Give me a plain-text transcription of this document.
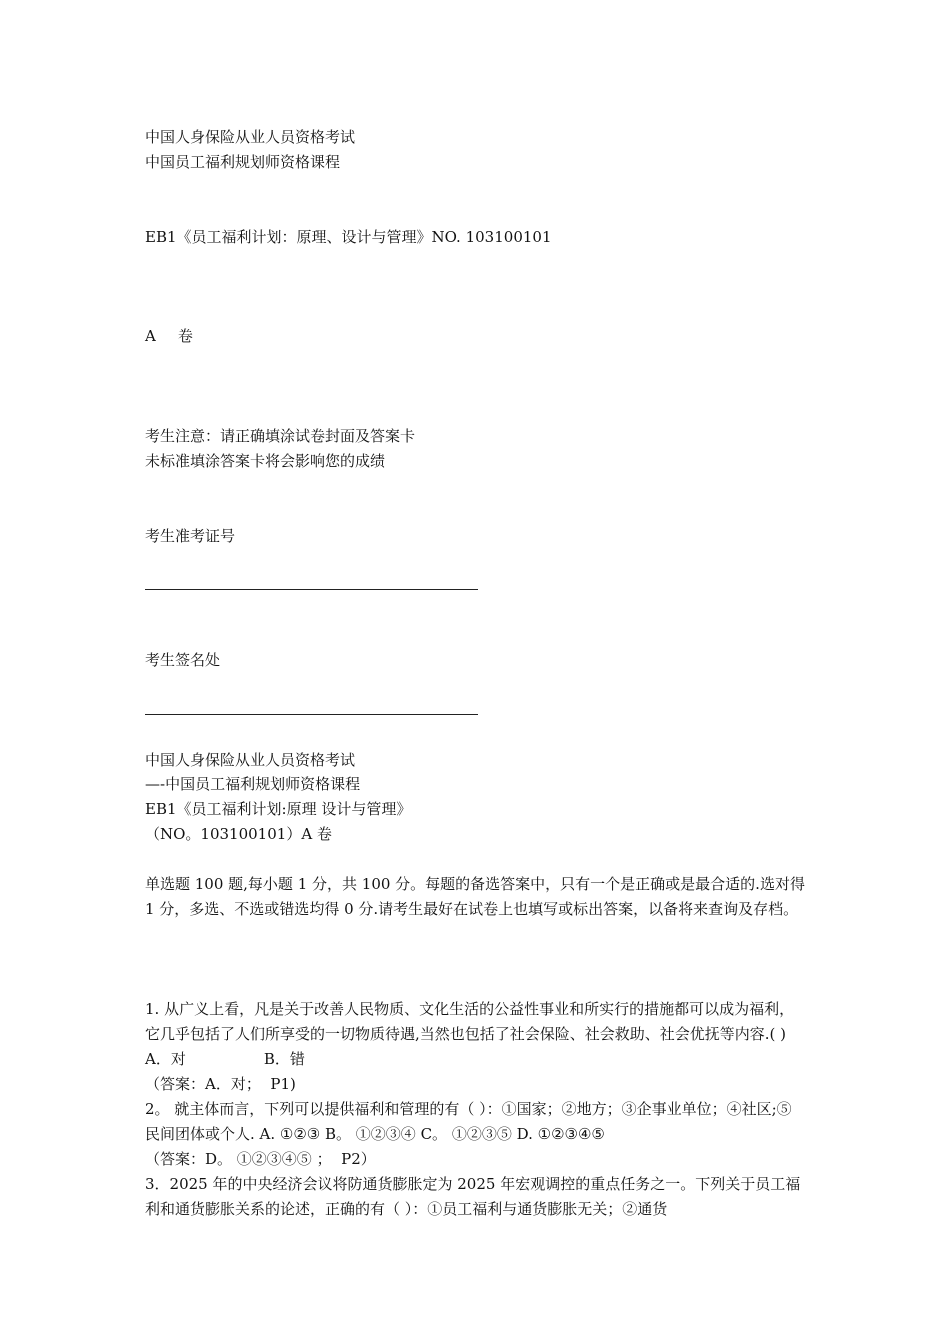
中国人身保险从业人员资格考试
中国员工福利规划师资格课程
EB1《员工福利计划：原理、设计与管理》NO. 103100101
A 卷
考生注意：请正确填涂试卷封面及答案卡
未标准填涂答案卡将会影响您的成绩
考生准考证号
考生签名处
中国人身保险从业人员资格考试
—-中国员工福利规划师资格课程
EB1《员工福利计划:原理 设计与管理》
（NO。103100101）A 卷
单选题 100 题,每小题 1 分，共 100 分。每题的备选答案中，只有一个是正确或是最合适的.选对得 1 分，多选、不选或错选均得 0 分.请考生最好在试卷上也填写或标出答案，以备将来查询及存档。
1. 从广义上看，凡是关于改善人民物质、文化生活的公益性事业和所实行的措施都可以成为福利，它几乎包括了人们所享受的一切物质待遇,当然也包括了社会保险、社会救助、社会优抚等内容.( )
A．对	B．错
（答案：A．对；  P1)
2。 就主体而言，下列可以提供福利和管理的有（ ）：①国家；②地方；③企事业单位；④社区;⑤ 民间团体或个人. A. ①②③ B。 ①②③④ C。 ①②③⑤ D. ①②③④⑤
（答案：D。 ①②③④⑤ ；  P2）
3．2025 年的中央经济会议将防通货膨胀定为 2025 年宏观调控的重点任务之一。下列关于员工福利和通货膨胀关系的论述，正确的有（ ）：①员工福利与通货膨胀无关；②通货
